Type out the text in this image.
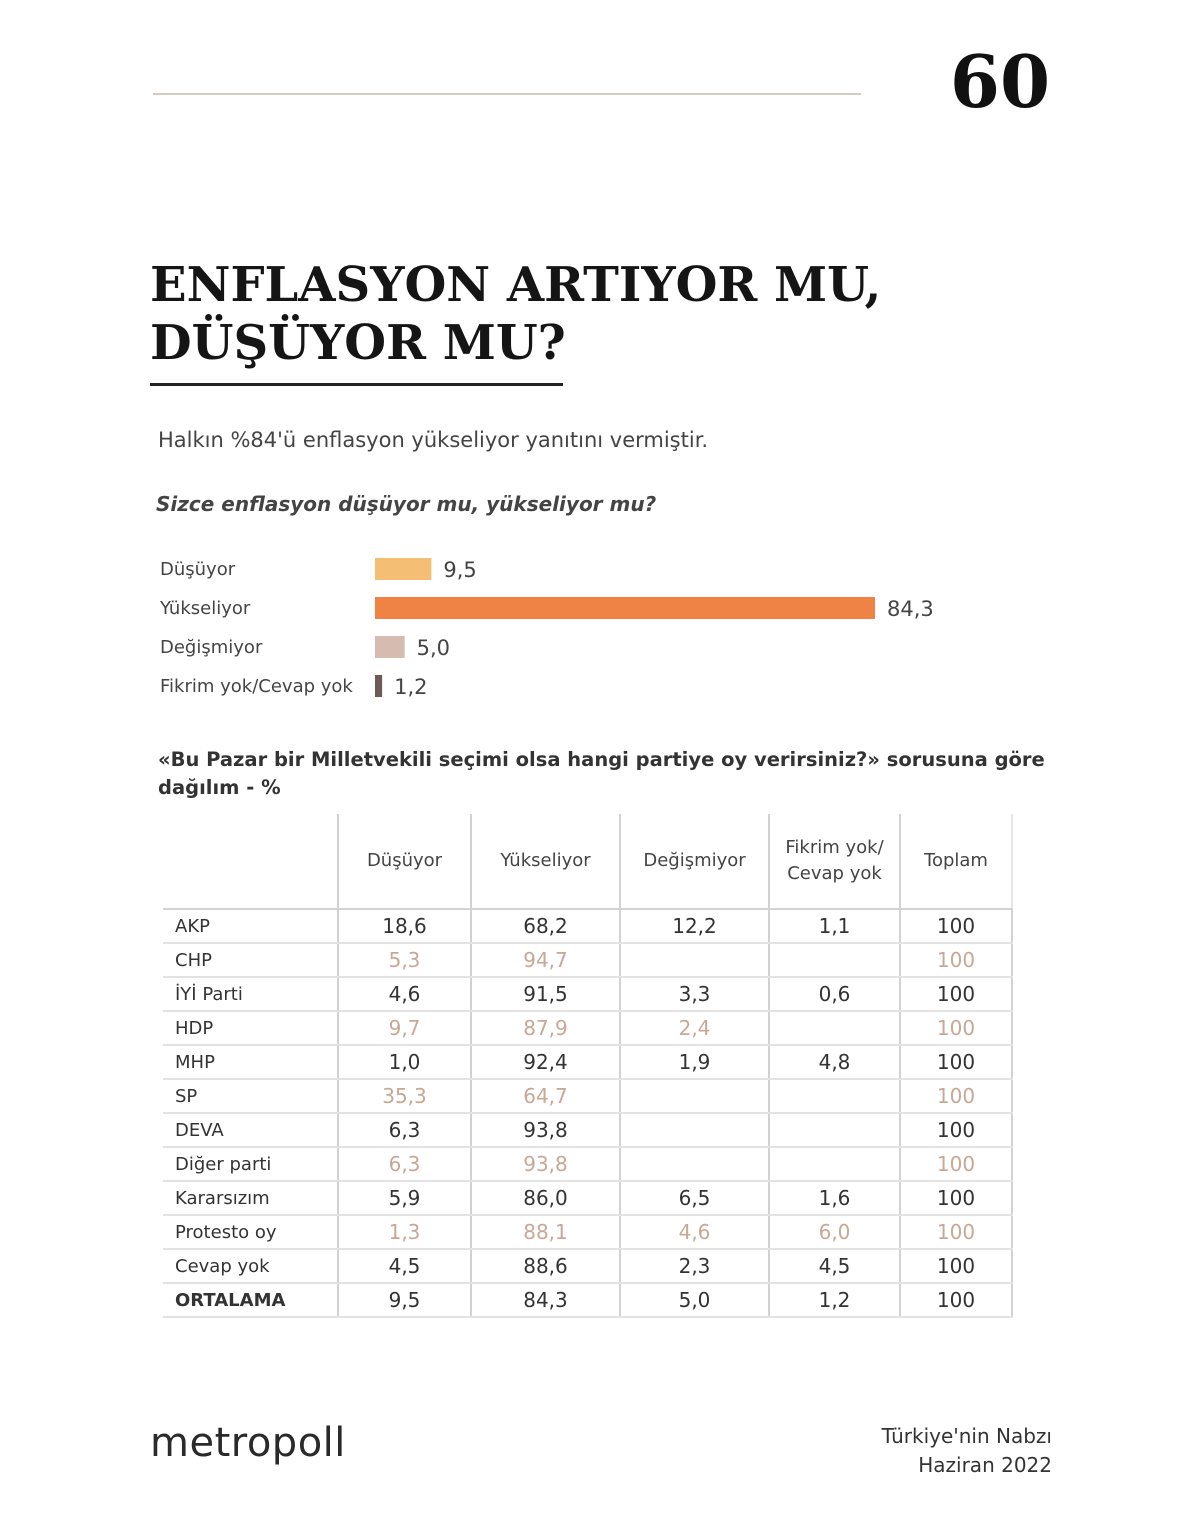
60
ENFLASYON ARTIYOR MU,
DÜŞÜYOR MU?
Halkın %84'ü enflasyon yükseliyor yanıtını vermiştir.
Sizce enflasyon düşüyor mu, yükseliyor mu?
Düşüyor	9,5
Yükseliyor	84,3
Değişmiyor	5,0
Fikrim yok/Cevap yok 1,2
«Bu Pazar bir Milletvekili seçimi olsa hangi partiye oy verirsiniz?» sorusuna göre dağılım - %
	Düşüyor	Yükseliyor	Değişmiyor	Fikrim yok/
Cevap yok	Toplam
AKP	18,6	68,2	12,2	1,1	100
CHP	5,3	94,7			100
İYİ Parti	4,6	91,5	3,3	0,6	100
HDP	9,7	87,9	2,4		100
MHP	1,0	92,4	1,9	4,8	100
SP	35,3	64,7			100
DEVA	6,3	93,8			100
Diğer parti	6,3	93,8			100
Kararsızım	5,9	86,0	6,5	1,6	100
Protesto oy	1,3	88,1	4,6	6,0	100
Cevap yok	4,5	88,6	2,3	4,5	100
ORTALAMA	9,5	84,3	5,0	1,2	100
metropoll	Türkiye'nin Nabzı
Haziran 2022
